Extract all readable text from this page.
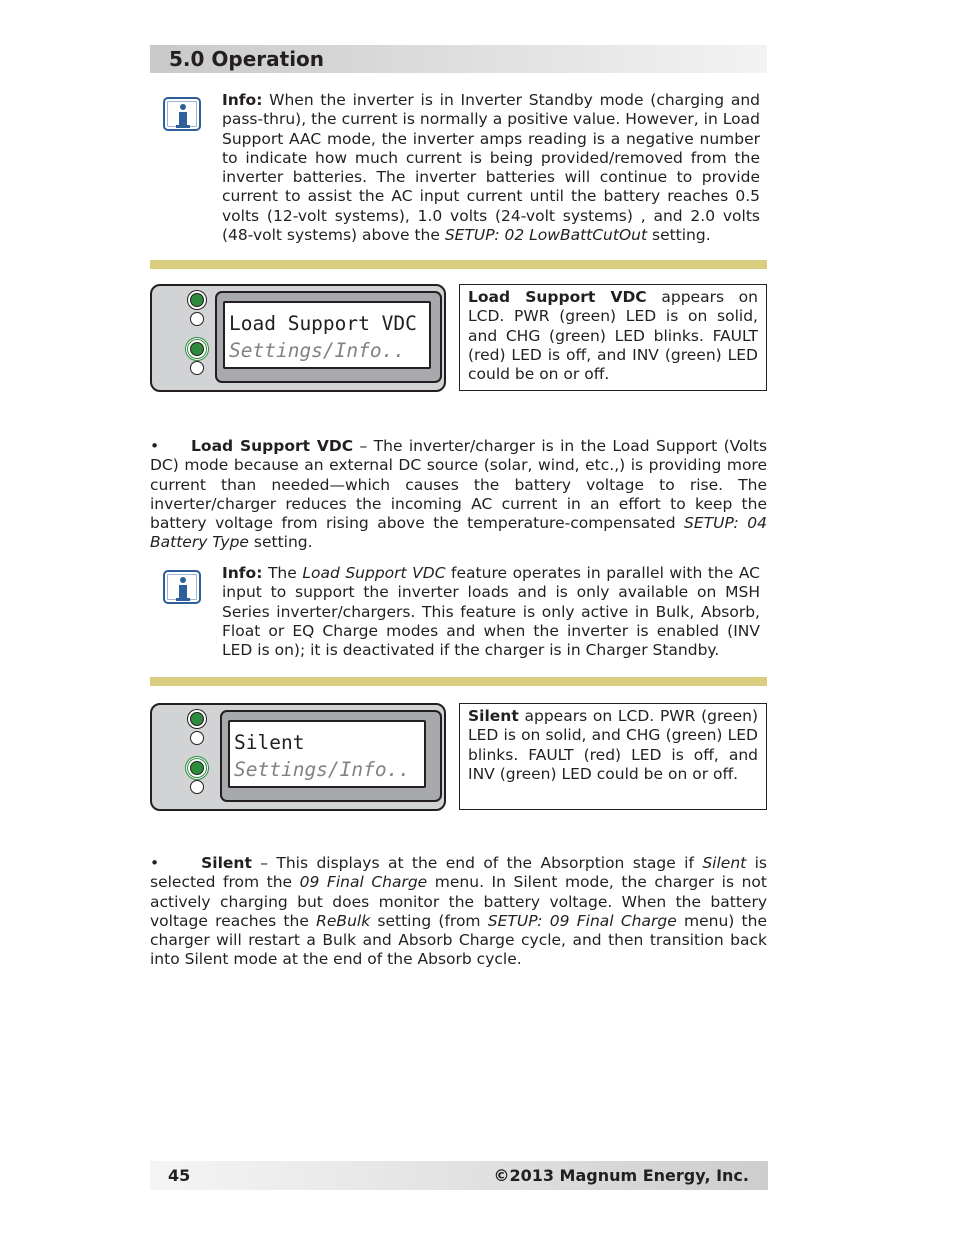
5.0 Operation
Info: When the inverter is in Inverter Standby mode (charging and pass-thru), the current is normally a positive value. However, in Load Support AAC mode, the inverter amps reading is a negative number to indicate how much current is being provided/removed from the inverter batteries. The inverter batteries will continue to provide current to assist the AC input current until the battery reaches 0.5 volts (12-volt systems), 1.0 volts (24-volt systems) , and 2.0 volts (48-volt systems) above the SETUP: 02 LowBattCutOut setting.
Load Support VDC
Settings/Info..
Load Support VDC appears on LCD. PWR (green) LED is on solid, and CHG (green) LED blinks. FAULT (red) LED is off, and INV (green) LED could be on or off.
• Load Support VDC – The inverter/charger is in the Load Support (Volts DC) mode because an external DC source (solar, wind, etc.,) is providing more current than needed—which causes the battery voltage to rise. The inverter/charger reduces the incoming AC current in an effort to keep the battery voltage from rising above the temperature-compensated SETUP: 04 Battery Type setting.
Info: The Load Support VDC feature operates in parallel with the AC input to support the inverter loads and is only available on MSH Series inverter/chargers. This feature is only active in Bulk, Absorb, Float or EQ Charge modes and when the inverter is enabled (INV LED is on); it is deactivated if the charger is in Charger Standby.
Silent
Settings/Info..
Silent appears on LCD. PWR (green) LED is on solid, and CHG (green) LED blinks. FAULT (red) LED is off, and INV (green) LED could be on or off.
•	Silent – This displays at the end of the Absorption stage if Silent is selected from the 09 Final Charge menu. In Silent mode, the charger is not actively charging but does monitor the battery voltage. When the battery voltage reaches the ReBulk setting (from SETUP: 09 Final Charge menu) the charger will restart a Bulk and Absorb Charge cycle, and then transition back into Silent mode at the end of the Absorb cycle.
45	©2013 Magnum Energy, Inc.
